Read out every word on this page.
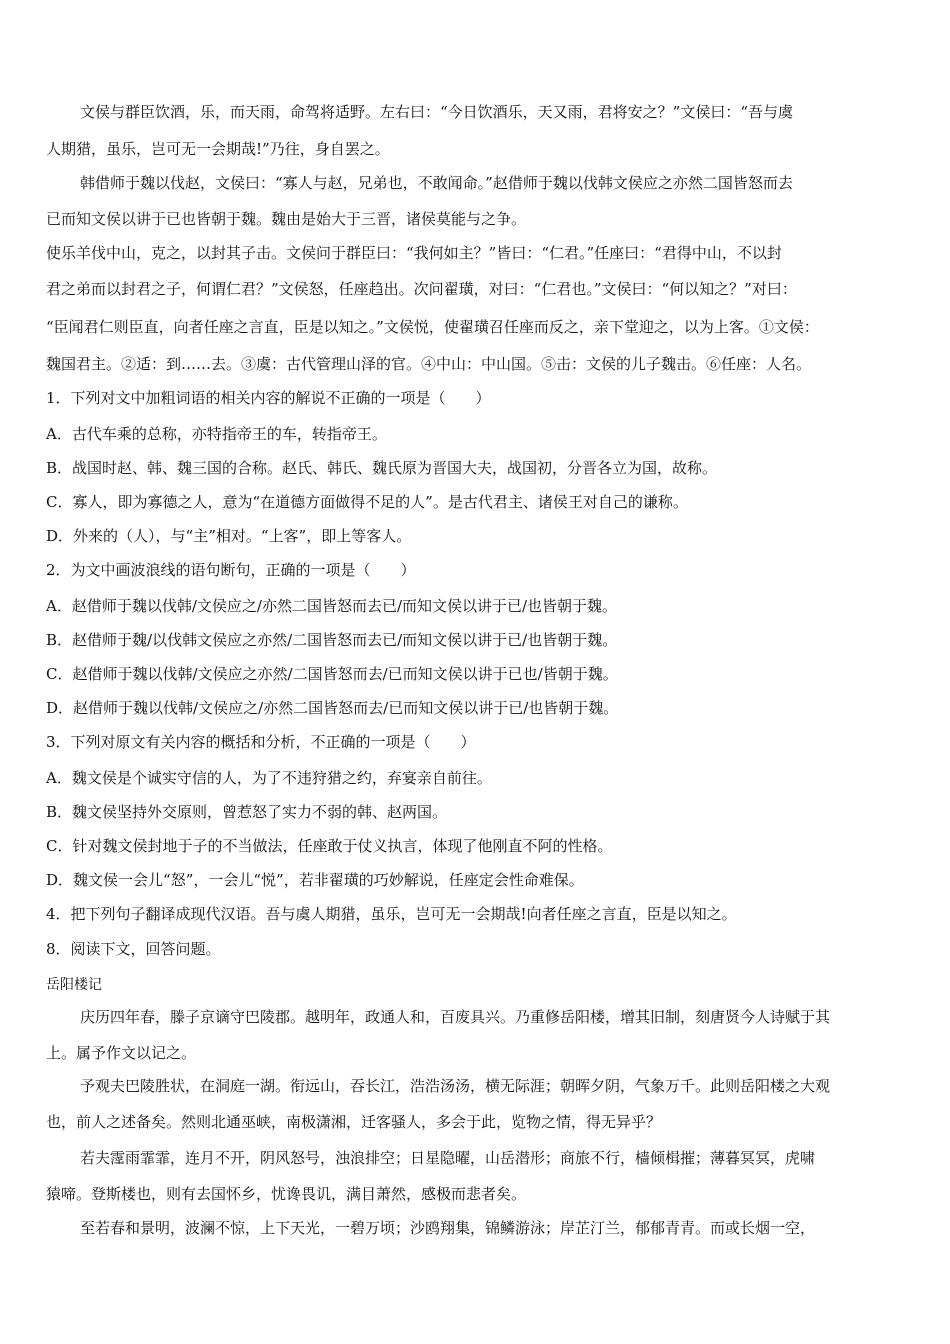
文侯与群臣饮酒，乐，而天雨，命驾将适野。左右曰：“今日饮酒乐，天又雨，君将安之？”文侯曰：“吾与虞
人期猎，虽乐，岂可无一会期哉!”乃往，身自罢之。
韩借师于魏以伐赵，文侯曰：“寡人与赵，兄弟也，不敢闻命。”赵借师于魏以伐韩文侯应之亦然二国皆怒而去
已而知文侯以讲于已也皆朝于魏。魏由是始大于三晋，诸侯莫能与之争。
使乐羊伐中山，克之，以封其子击。文侯问于群臣曰：“我何如主？”皆曰：“仁君。”任座曰：“君得中山，不以封
君之弟而以封君之子，何谓仁君？”文侯怒，任座趋出。次问翟璜，对曰：“仁君也。”文侯曰：“何以知之？”对曰：
“臣闻君仁则臣直，向者任座之言直，臣是以知之。”文侯悦，使翟璜召任座而反之，亲下堂迎之，以为上客。①文侯：
魏国君主。②适：到……去。③虞：古代管理山泽的官。④中山：中山国。⑤击：文侯的儿子魏击。⑥任座：人名。
1．下列对文中加粗词语的相关内容的解说不正确的一项是（　　）
A．古代车乘的总称，亦特指帝王的车，转指帝王。
B．战国时赵、韩、魏三国的合称。赵氏、韩氏、魏氏原为晋国大夫，战国初，分晋各立为国，故称。
C．寡人，即为寡德之人，意为“在道德方面做得不足的人”。是古代君主、诸侯王对自己的谦称。
D．外来的（人），与“主”相对。“上客”，即上等客人。
2．为文中画波浪线的语句断句，正确的一项是（　　）
A．赵借师于魏以伐韩/文侯应之/亦然二国皆怒而去已/而知文侯以讲于已/也皆朝于魏。
B．赵借师于魏/以伐韩文侯应之亦然/二国皆怒而去已/而知文侯以讲于已/也皆朝于魏。
C．赵借师于魏以伐韩/文侯应之亦然/二国皆怒而去/已而知文侯以讲于已也/皆朝于魏。
D．赵借师于魏以伐韩/文侯应之/亦然二国皆怒而去/已而知文侯以讲于已/也皆朝于魏。
3．下列对原文有关内容的概括和分析，不正确的一项是（　　）
A．魏文侯是个诚实守信的人，为了不违狩猎之约，弃宴亲自前往。
B．魏文侯坚持外交原则，曾惹怒了实力不弱的韩、赵两国。
C．针对魏文侯封地于子的不当做法，任座敢于仗义执言，体现了他刚直不阿的性格。
D．魏文侯一会儿“怒”，一会儿“悦”，若非翟璜的巧妙解说，任座定会性命难保。
4．把下列句子翻译成现代汉语。吾与虞人期猎，虽乐，岂可无一会期哉!向者任座之言直，臣是以知之。
8．阅读下文，回答问题。
岳阳楼记
庆历四年春，滕子京谪守巴陵郡。越明年，政通人和，百废具兴。乃重修岳阳楼，增其旧制，刻唐贤今人诗赋于其
上。属予作文以记之。
予观夫巴陵胜状，在洞庭一湖。衔远山，吞长江，浩浩汤汤，横无际涯；朝晖夕阴，气象万千。此则岳阳楼之大观
也，前人之述备矣。然则北通巫峡，南极潇湘，迁客骚人，多会于此，览物之情，得无异乎？
若夫霪雨霏霏，连月不开，阴风怒号，浊浪排空；日星隐曜，山岳潜形；商旅不行，樯倾楫摧；薄暮冥冥，虎啸
猿啼。登斯楼也，则有去国怀乡，忧谗畏讥，满目萧然，感极而悲者矣。
至若春和景明，波澜不惊，上下天光，一碧万顷；沙鸥翔集，锦鳞游泳；岸芷汀兰，郁郁青青。而或长烟一空，
